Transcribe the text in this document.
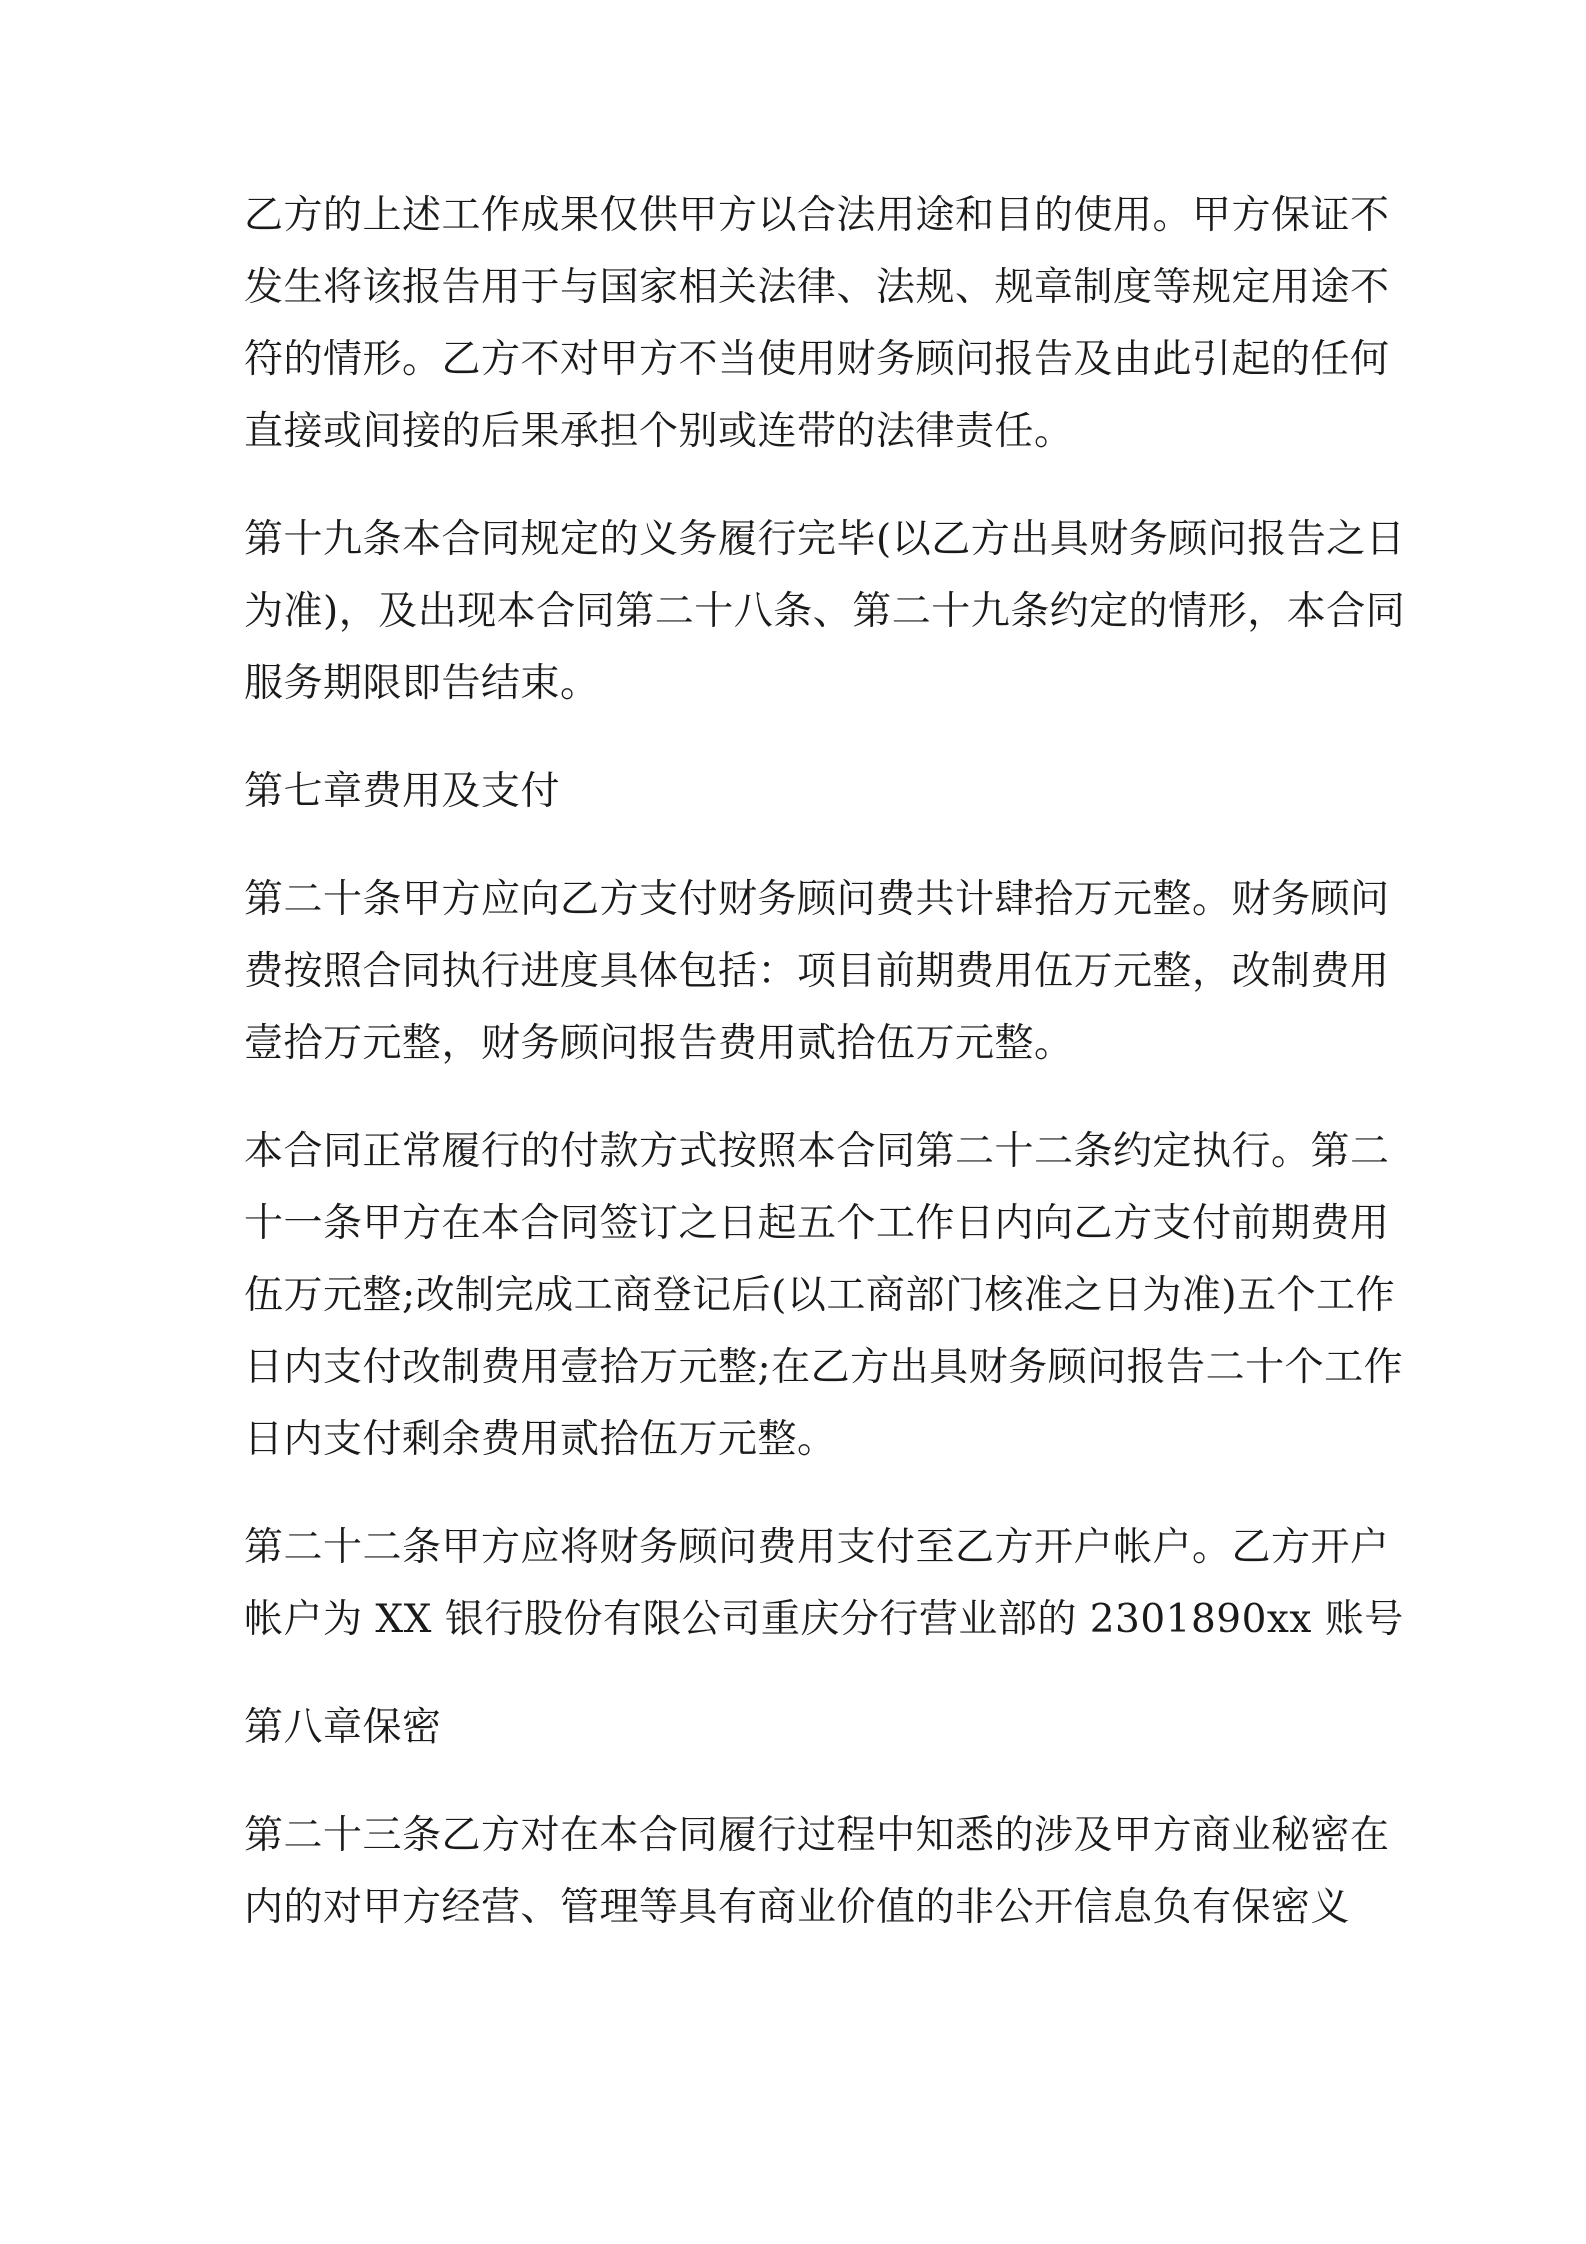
乙方的上述工作成果仅供甲方以合法用途和目的使用。甲方保证不
发生将该报告用于与国家相关法律、法规、规章制度等规定用途不
符的情形。乙方不对甲方不当使用财务顾问报告及由此引起的任何
直接或间接的后果承担个别或连带的法律责任。

第十九条本合同规定的义务履行完毕(以乙方出具财务顾问报告之日
为准)，及出现本合同第二十八条、第二十九条约定的情形，本合同
服务期限即告结束。

第七章费用及支付

第二十条甲方应向乙方支付财务顾问费共计肆拾万元整。财务顾问
费按照合同执行进度具体包括：项目前期费用伍万元整，改制费用
壹拾万元整，财务顾问报告费用贰拾伍万元整。

本合同正常履行的付款方式按照本合同第二十二条约定执行。第二
十一条甲方在本合同签订之日起五个工作日内向乙方支付前期费用
伍万元整;改制完成工商登记后(以工商部门核准之日为准)五个工作
日内支付改制费用壹拾万元整;在乙方出具财务顾问报告二十个工作
日内支付剩余费用贰拾伍万元整。

第二十二条甲方应将财务顾问费用支付至乙方开户帐户。乙方开户
帐户为 XX 银行股份有限公司重庆分行营业部的 2301890xx 账号

第八章保密

第二十三条乙方对在本合同履行过程中知悉的涉及甲方商业秘密在
内的对甲方经营、管理等具有商业价值的非公开信息负有保密义
